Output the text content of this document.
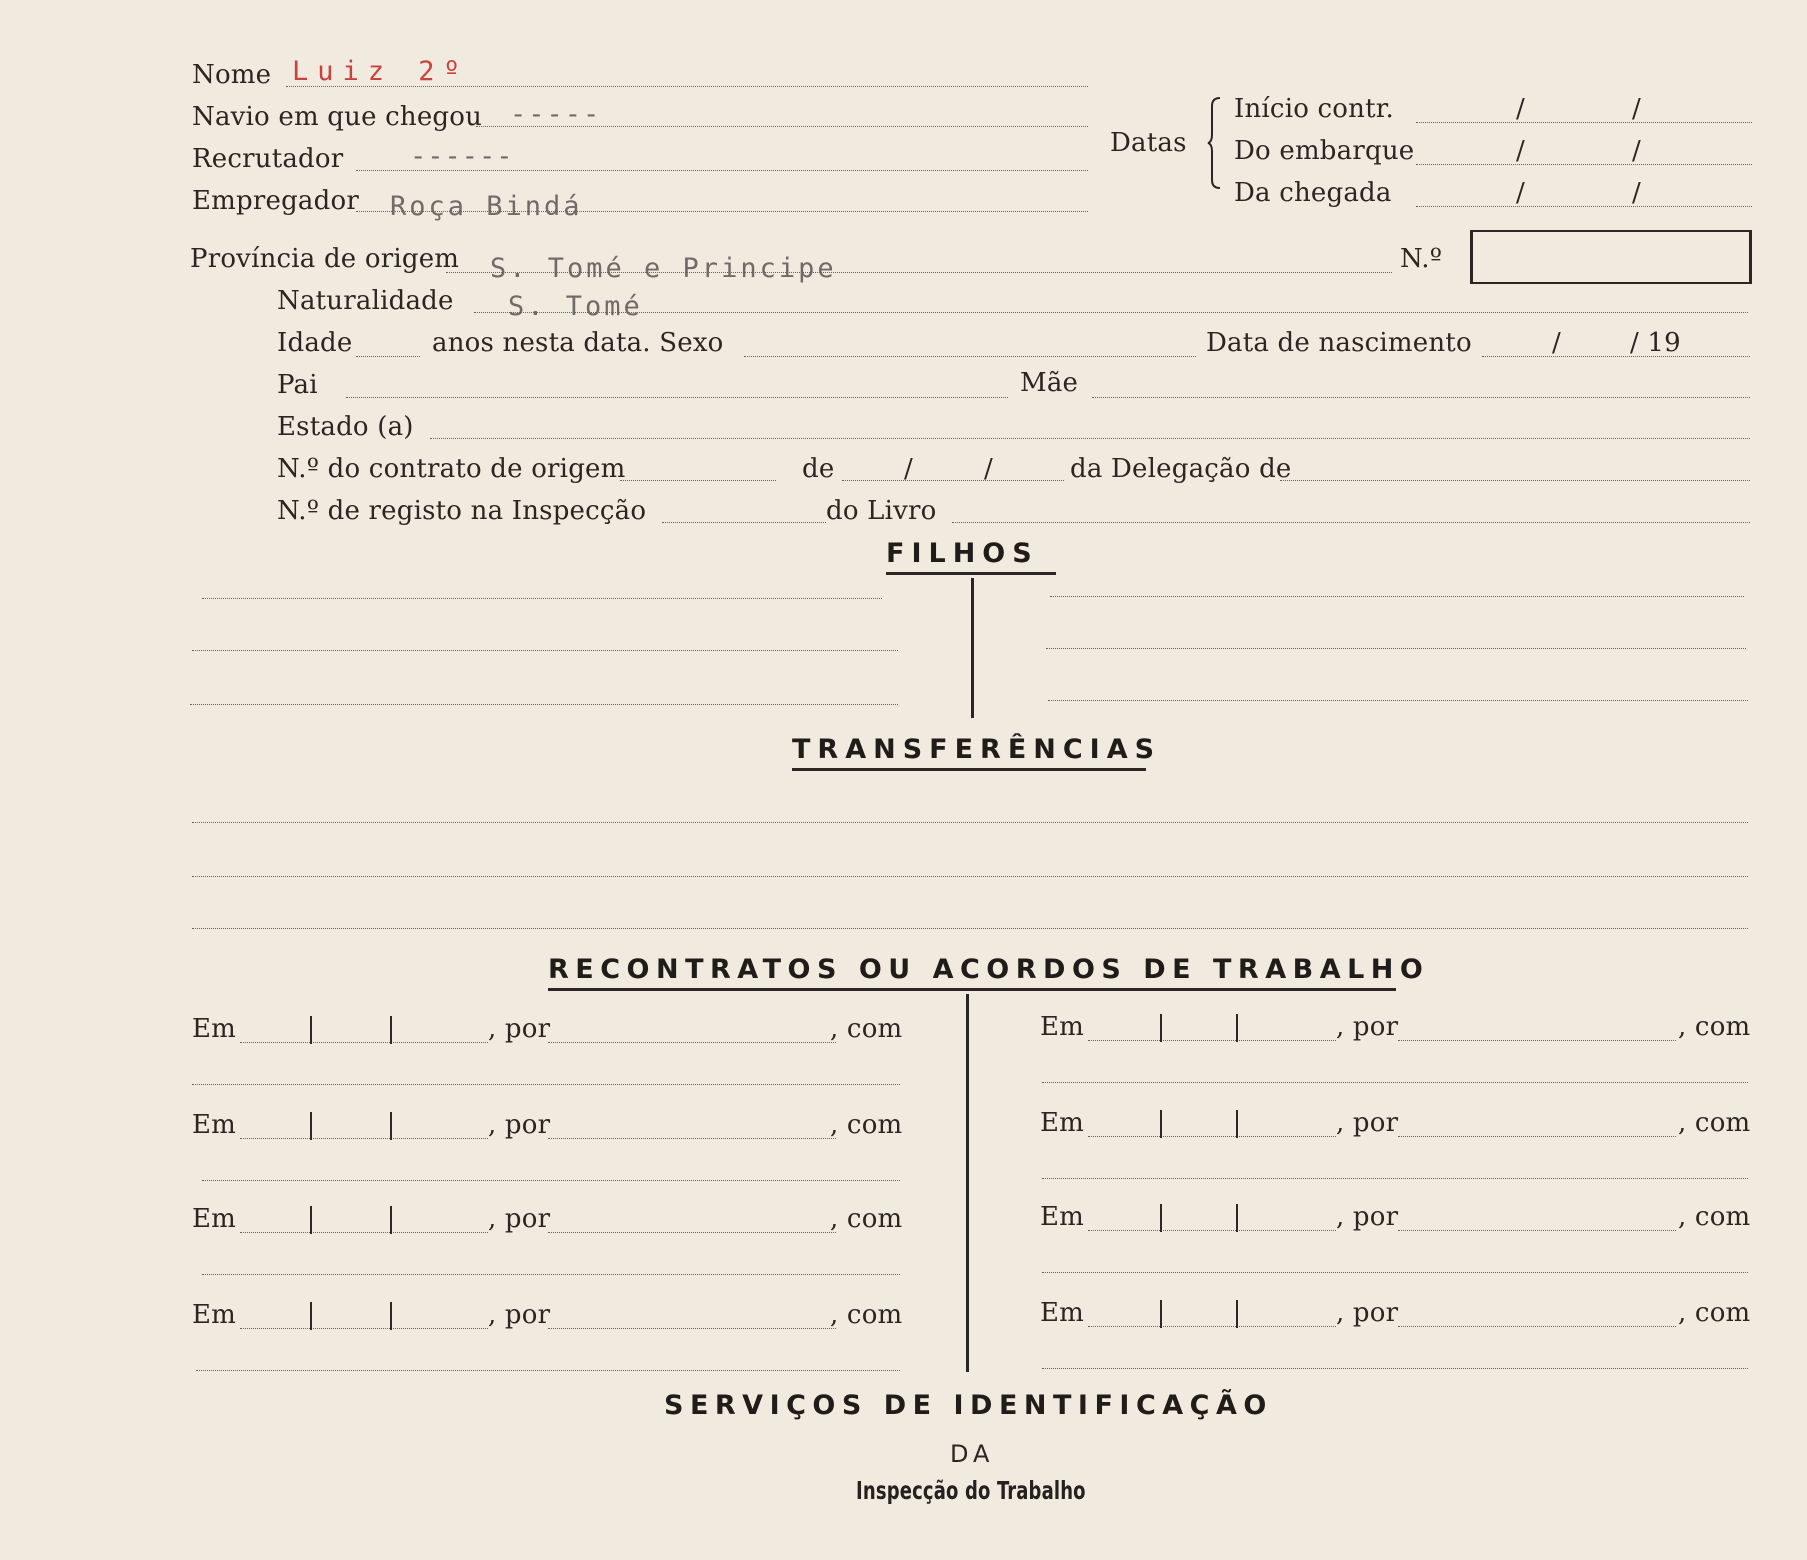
Nome Luiz 2º
Navio em que chegou -----
Recrutador ------
Empregador Roça Bindá
Datas
Início contr.	/	/
Do embarque	/	/
Da chegada	/	/
Província de origem S. Tomé e Principe	N.º
Naturalidade S. Tomé
Idade	anos nesta data. Sexo	Data de nascimento	/	/ 19
Pai	Mãe
Estado (a)
N.º do contrato de origem	de	/	/	da Delegação de
N.º de registo na Inspecção	do Livro
FILHOS
TRANSFERÊNCIAS
RECONTRATOS OU ACORDOS DE TRABALHO
Em	, por	, com
Em	, por	, com
Em	, por	, com
Em	, por	, com
Em	, por	, com
Em	, por	, com
Em	, por	, com
Em	, por	, com
SERVIÇOS DE IDENTIFICAÇÃO
DA
Inspecção do Trabalho
